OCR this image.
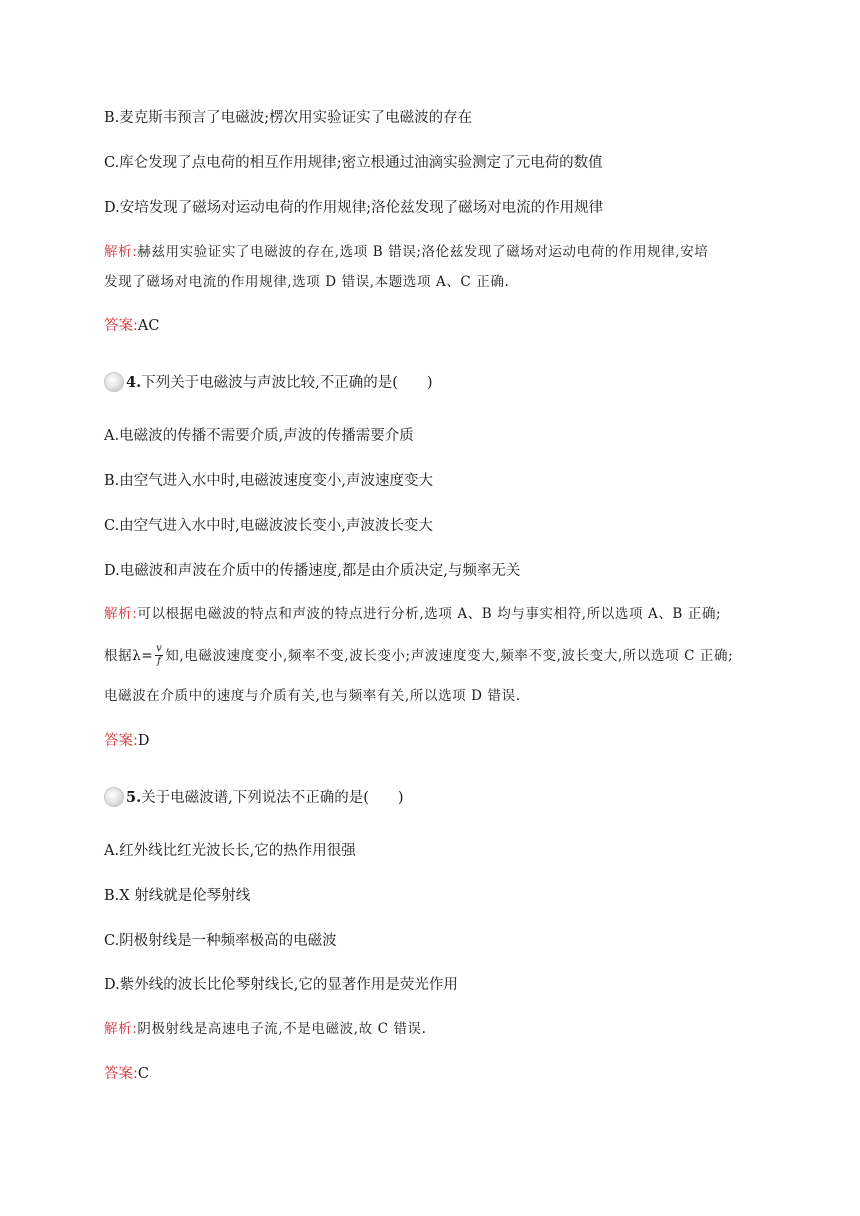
B.麦克斯韦预言了电磁波;楞次用实验证实了电磁波的存在
C.库仑发现了点电荷的相互作用规律;密立根通过油滴实验测定了元电荷的数值
D.安培发现了磁场对运动电荷的作用规律;洛伦兹发现了磁场对电流的作用规律
解析:赫兹用实验证实了电磁波的存在,选项 B 错误;洛伦兹发现了磁场对运动电荷的作用规律,安培
发现了磁场对电流的作用规律,选项 D 错误,本题选项 A、C 正确.
答案:AC
4. 下列关于电磁波与声波比较,不正确的是(　　)
A.电磁波的传播不需要介质,声波的传播需要介质
B.由空气进入水中时,电磁波速度变小,声波速度变大
C.由空气进入水中时,电磁波波长变小,声波波长变大
D.电磁波和声波在介质中的传播速度,都是由介质决定,与频率无关
解析:可以根据电磁波的特点和声波的特点进行分析,选项 A、B 均与事实相符,所以选项 A、B 正确;
根据$\lambda= \frac{v}{f}$ 知,电磁波速度变小,频率不变,波长变小;声波速度变大,频率不变,波长变大,所以选项 C 正确;
电磁波在介质中的速度与介质有关,也与频率有关,所以选项 D 错误.
答案:D
5. 关于电磁波谱,下列说法不正确的是(　　)
A.红外线比红光波长长,它的热作用很强
B.X 射线就是伦琴射线
C.阴极射线是一种频率极高的电磁波
D.紫外线的波长比伦琴射线长,它的显著作用是荧光作用
解析:阴极射线是高速电子流,不是电磁波,故 C 错误.
答案:C
